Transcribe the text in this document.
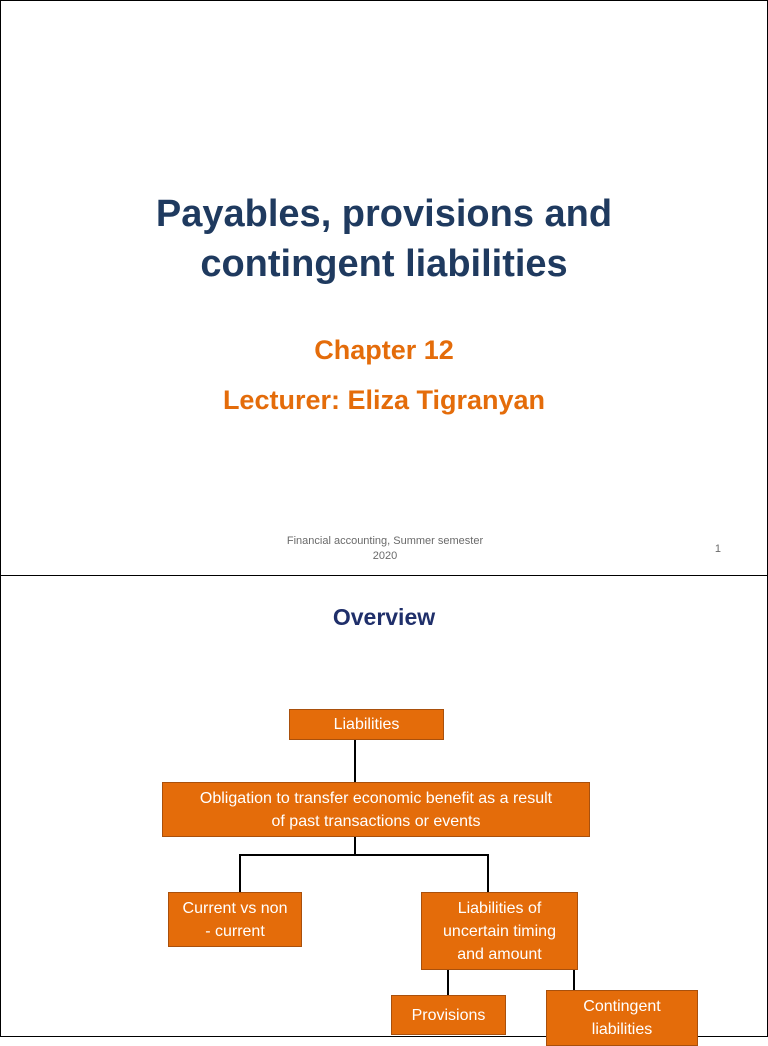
Payables, provisions and
contingent liabilities
Chapter 12
Lecturer: Eliza Tigranyan
Financial accounting, Summer semester
2020
1
Overview
Liabilities
Obligation to transfer economic benefit as a result
of past transactions or events
Current vs non
- current
Liabilities of
uncertain timing
and amount
Provisions	Contingent
liabilities
